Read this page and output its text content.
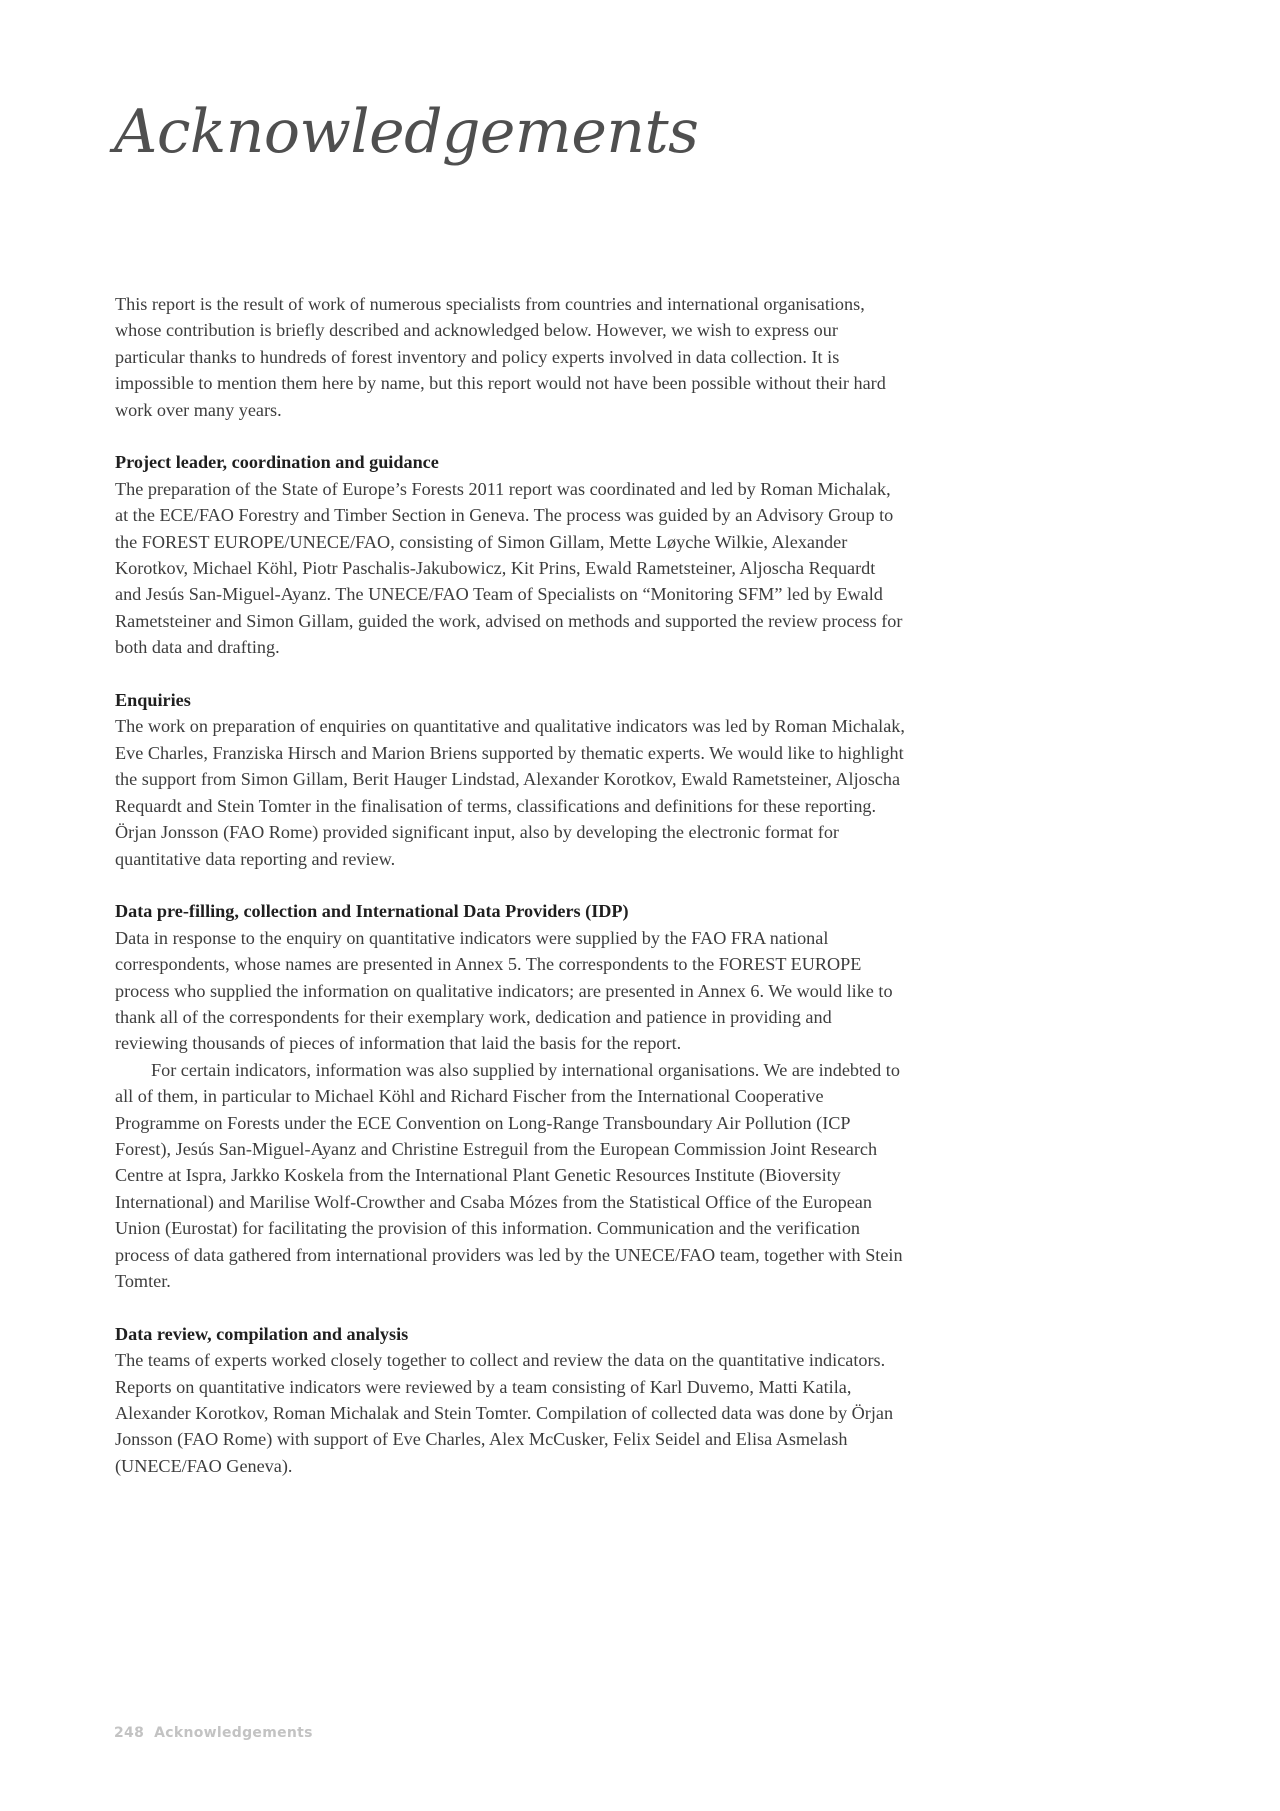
Acknowledgements

This report is the result of work of numerous specialists from countries and international organisations, whose contribution is briefly described and acknowledged below. However, we wish to express our particular thanks to hundreds of forest inventory and policy experts involved in data collection. It is impossible to mention them here by name, but this report would not have been possible without their hard work over many years.

Project leader, coordination and guidance

The preparation of the State of Europe’s Forests 2011 report was coordinated and led by Roman Michalak, at the ECE/FAO Forestry and Timber Section in Geneva. The process was guided by an Advisory Group to the FOREST EUROPE/UNECE/FAO, consisting of Simon Gillam, Mette Løyche Wilkie, Alexander Korotkov, Michael Köhl, Piotr Paschalis-Jakubowicz, Kit Prins, Ewald Rametsteiner, Aljoscha Requardt and Jesús San-Miguel-Ayanz. The UNECE/FAO Team of Specialists on “Monitoring SFM” led by Ewald Rametsteiner and Simon Gillam, guided the work, advised on methods and supported the review process for both data and drafting.

Enquiries

The work on preparation of enquiries on quantitative and qualitative indicators was led by Roman Michalak, Eve Charles, Franziska Hirsch and Marion Briens supported by thematic experts. We would like to highlight the support from Simon Gillam, Berit Hauger Lindstad, Alexander Korotkov, Ewald Rametsteiner, Aljoscha Requardt and Stein Tomter in the finalisation of terms, classifications and definitions for these reporting. Örjan Jonsson (FAO Rome) provided significant input, also by developing the electronic format for quantitative data reporting and review.

Data pre-filling, collection and International Data Providers (IDP)

Data in response to the enquiry on quantitative indicators were supplied by the FAO FRA national correspondents, whose names are presented in Annex 5. The correspondents to the FOREST EUROPE process who supplied the information on qualitative indicators; are presented in Annex 6. We would like to thank all of the correspondents for their exemplary work, dedication and patience in providing and reviewing thousands of pieces of information that laid the basis for the report.

For certain indicators, information was also supplied by international organisations. We are indebted to all of them, in particular to Michael Köhl and Richard Fischer from the International Cooperative Programme on Forests under the ECE Convention on Long-Range Transboundary Air Pollution (ICP Forest), Jesús San-Miguel-Ayanz and Christine Estreguil from the European Commission Joint Research Centre at Ispra, Jarkko Koskela from the International Plant Genetic Resources Institute (Bioversity International) and Marilise Wolf-Crowther and Csaba Mózes from the Statistical Office of the European Union (Eurostat) for facilitating the provision of this information. Communication and the verification process of data gathered from international providers was led by the UNECE/FAO team, together with Stein Tomter.

Data review, compilation and analysis

The teams of experts worked closely together to collect and review the data on the quantitative indicators. Reports on quantitative indicators were reviewed by a team consisting of Karl Duvemo, Matti Katila, Alexander Korotkov, Roman Michalak and Stein Tomter. Compilation of collected data was done by Örjan Jonsson (FAO Rome) with support of Eve Charles, Alex McCusker, Felix Seidel and Elisa Asmelash (UNECE/FAO Geneva).

248 Acknowledgements
